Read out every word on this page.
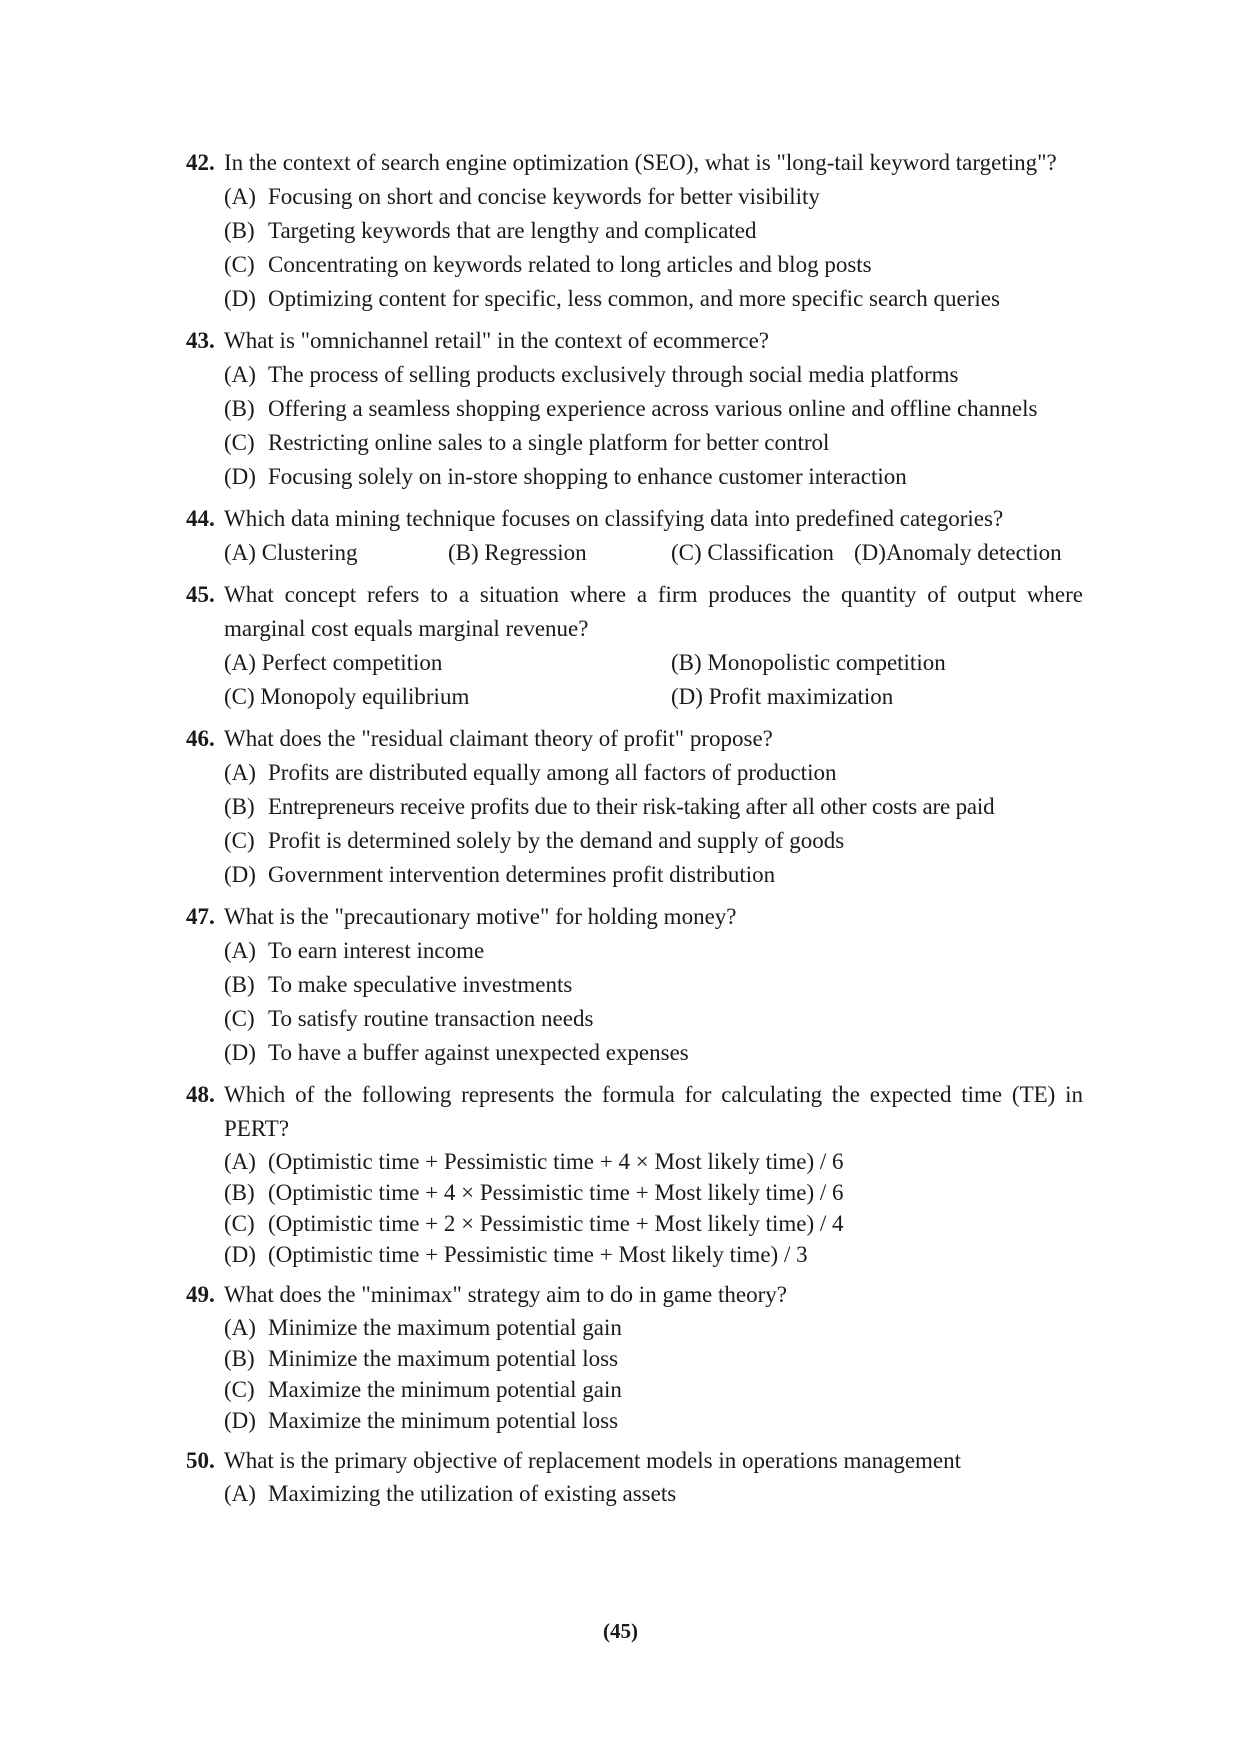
42. In the context of search engine optimization (SEO), what is "long-tail keyword targeting"?
(A) Focusing on short and concise keywords for better visibility
(B) Targeting keywords that are lengthy and complicated
(C) Concentrating on keywords related to long articles and blog posts
(D) Optimizing content for specific, less common, and more specific search queries
43. What is "omnichannel retail" in the context of ecommerce?
(A) The process of selling products exclusively through social media platforms
(B) Offering a seamless shopping experience across various online and offline channels
(C) Restricting online sales to a single platform for better control
(D) Focusing solely on in-store shopping to enhance customer interaction
44. Which data mining technique focuses on classifying data into predefined categories?
(A) Clustering	(B) Regression	(C) Classification (D)Anomaly detection
45. What concept refers to a situation where a firm produces the quantity of output where marginal cost equals marginal revenue?
(A) Perfect competition	(B) Monopolistic competition
(C) Monopoly equilibrium	(D) Profit maximization
46. What does the "residual claimant theory of profit" propose?
(A) Profits are distributed equally among all factors of production
(B) Entrepreneurs receive profits due to their risk-taking after all other costs are paid
(C) Profit is determined solely by the demand and supply of goods
(D) Government intervention determines profit distribution
47. What is the "precautionary motive" for holding money?
(A) To earn interest income
(B) To make speculative investments
(C) To satisfy routine transaction needs
(D) To have a buffer against unexpected expenses
48. Which of the following represents the formula for calculating the expected time (TE) in PERT?
(A) (Optimistic time + Pessimistic time + 4 × Most likely time) / 6
(B) (Optimistic time + 4 × Pessimistic time + Most likely time) / 6
(C) (Optimistic time + 2 × Pessimistic time + Most likely time) / 4
(D) (Optimistic time + Pessimistic time + Most likely time) / 3
49. What does the "minimax" strategy aim to do in game theory?
(A) Minimize the maximum potential gain
(B) Minimize the maximum potential loss
(C) Maximize the minimum potential gain
(D) Maximize the minimum potential loss
50. What is the primary objective of replacement models in operations management
(A) Maximizing the utilization of existing assets
(45)
